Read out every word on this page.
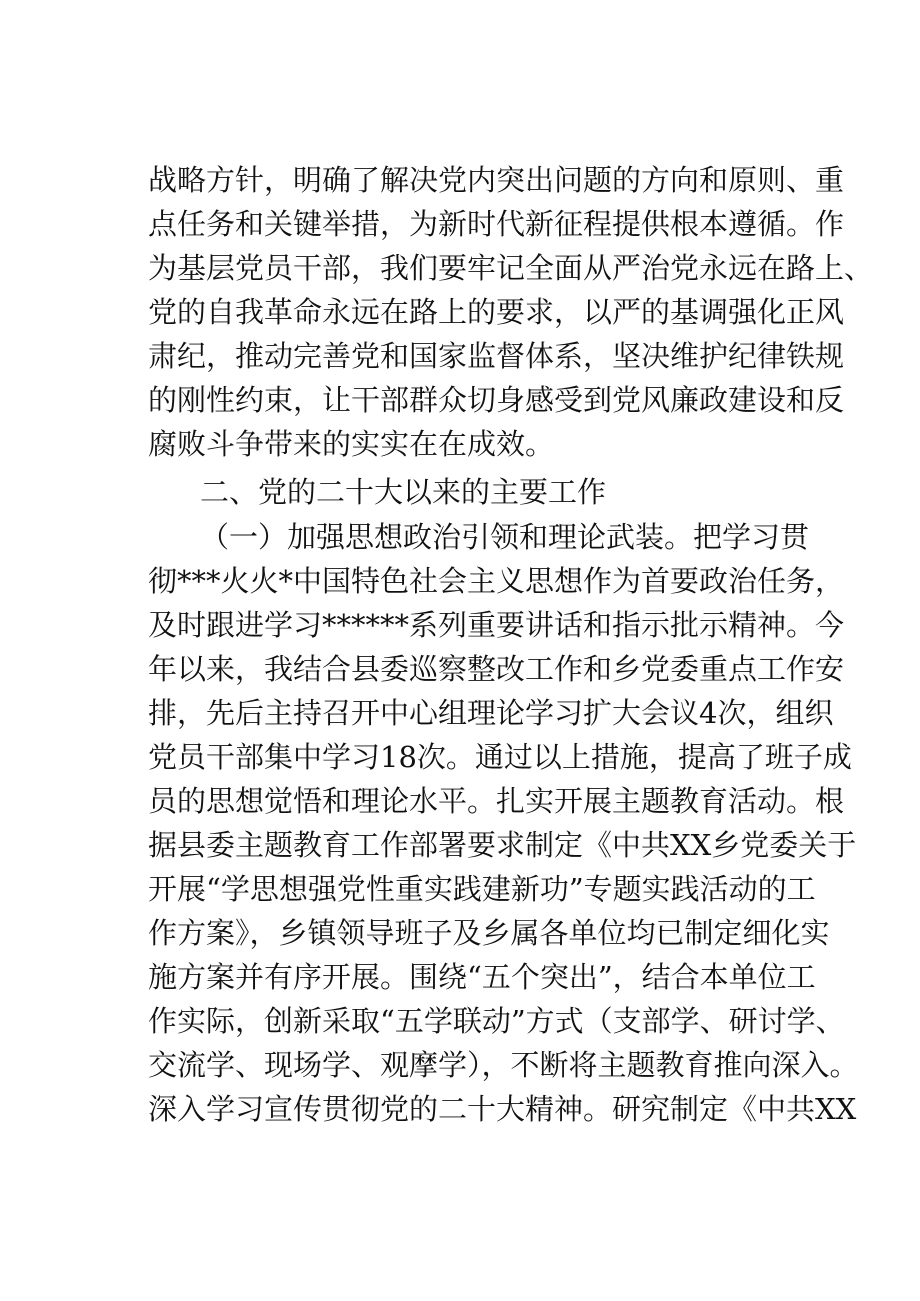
战略方针，明确了解决党内突出问题的方向和原则、重
点任务和关键举措，为新时代新征程提供根本遵循。作
为基层党员干部，我们要牢记全面从严治党永远在路上、
党的自我革命永远在路上的要求，以严的基调强化正风
肃纪，推动完善党和国家监督体系，坚决维护纪律铁规
的刚性约束，让干部群众切身感受到党风廉政建设和反
腐败斗争带来的实实在在成效。
二、党的二十大以来的主要工作
（一）加强思想政治引领和理论武装。把学习贯
彻***火火*中国特色社会主义思想作为首要政治任务，
及时跟进学习******系列重要讲话和指示批示精神。今
年以来，我结合县委巡察整改工作和乡党委重点工作安
排，先后主持召开中心组理论学习扩大会议4次，组织
党员干部集中学习18次。通过以上措施，提高了班子成
员的思想觉悟和理论水平。扎实开展主题教育活动。根
据县委主题教育工作部署要求制定《中共XX乡党委关于
开展“学思想强党性重实践建新功”专题实践活动的工
作方案》，乡镇领导班子及乡属各单位均已制定细化实
施方案并有序开展。围绕“五个突出”，结合本单位工
作实际，创新采取“五学联动”方式（支部学、研讨学、
交流学、现场学、观摩学），不断将主题教育推向深入。
深入学习宣传贯彻党的二十大精神。研究制定《中共XX
